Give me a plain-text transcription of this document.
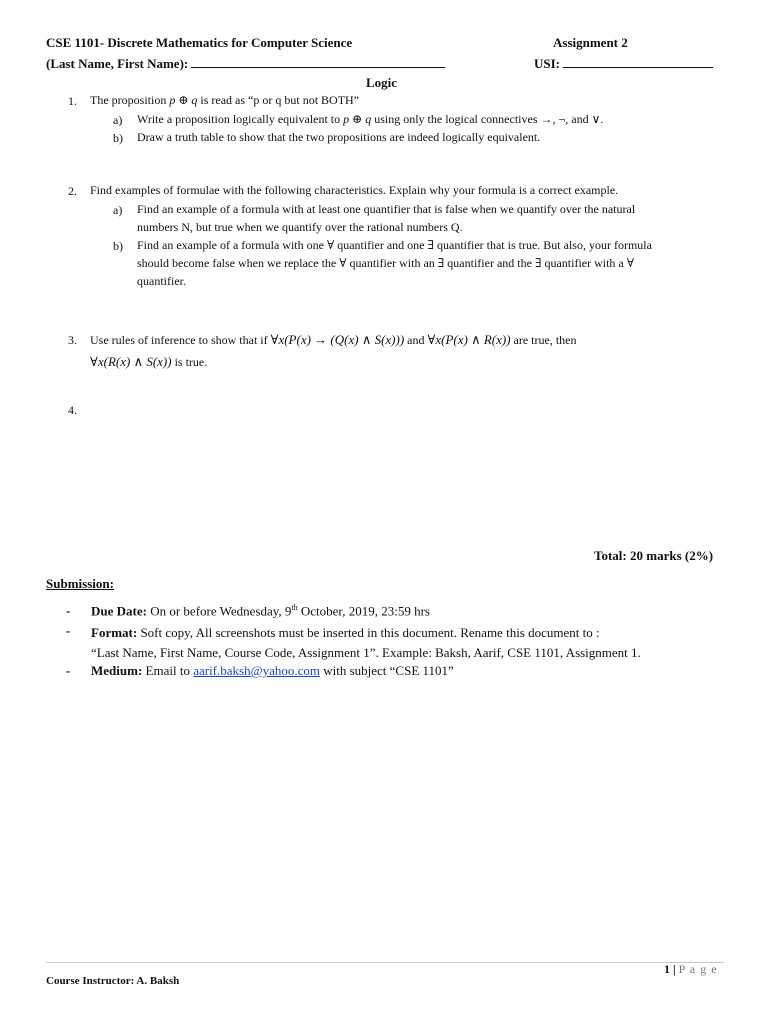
CSE 1101- Discrete Mathematics for Computer Science	Assignment 2
(Last Name, First Name):	USI:
Logic
1. The proposition p ⊕ q is read as “p or q but not BOTH”
a) Write a proposition logically equivalent to p ⊕ q using only the logical connectives →, ¬, and ∨.
b) Draw a truth table to show that the two propositions are indeed logically equivalent.
2. Find examples of formulae with the following characteristics. Explain why your formula is a correct example.
a) Find an example of a formula with at least one quantifier that is false when we quantify over the natural
numbers N, but true when we quantify over the rational numbers Q.
b) Find an example of a formula with one ∀ quantifier and one ∃ quantifier that is true. But also, your formula
should become false when we replace the ∀ quantifier with an ∃ quantifier and the ∃ quantifier with a ∀
quantifier.
3. Use rules of inference to show that if ∀x(P(x) → (Q(x) ∧ S(x))) and ∀x(P(x) ∧ R(x)) are true, then
∀x(R(x) ∧ S(x)) is true.
4.
Total: 20 marks (2%)
Submission:
- Due Date: On or before Wednesday, 9th October, 2019, 23:59 hrs
- Format: Soft copy, All screenshots must be inserted in this document. Rename this document to :
“Last Name, First Name, Course Code, Assignment 1”. Example: Baksh, Aarif, CSE 1101, Assignment 1.
- Medium: Email to aarif.baksh@yahoo.com with subject “CSE 1101”
1 | P a g e
Course Instructor: A. Baksh
